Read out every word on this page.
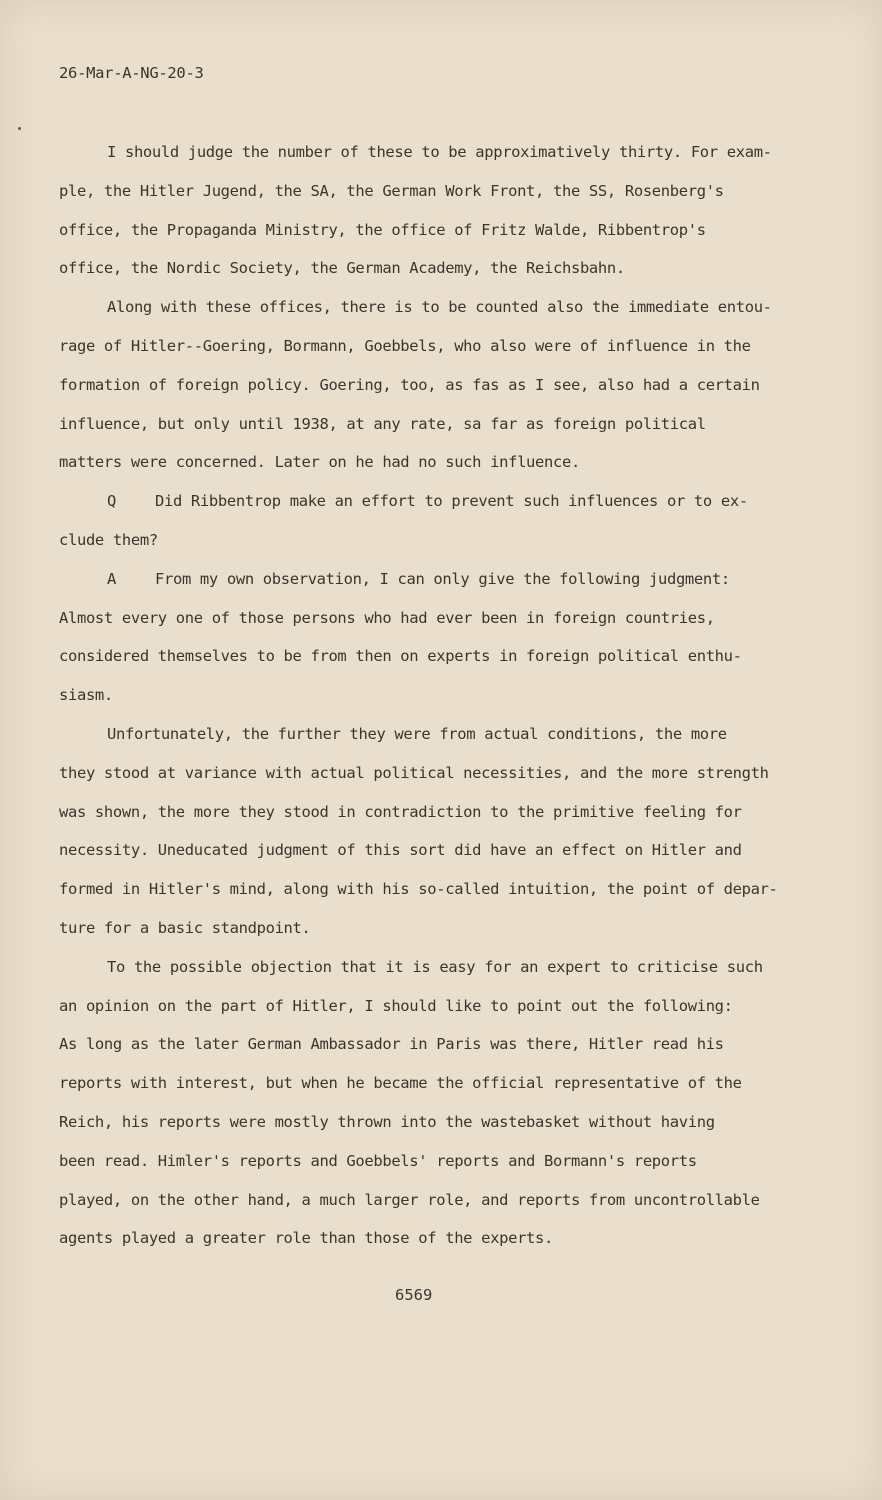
26-Mar-A-NG-20-3
I should judge the number of these to be approximatively thirty. For exam-
ple, the Hitler Jugend, the SA, the German Work Front, the SS, Rosenberg's
office, the Propaganda Ministry, the office of Fritz Walde, Ribbentrop's
office, the Nordic Society, the German Academy, the Reichsbahn.
Along with these offices, there is to be counted also the immediate entou-
rage of Hitler--Goering, Bormann, Goebbels, who also were of influence in the
formation of foreign policy. Goering, too, as fas as I see, also had a certain
influence, but only until 1938, at any rate, sa far as foreign political
matters were concerned. Later on he had no such influence.
Q	Did Ribbentrop make an effort to prevent such influences or to ex-
clude them?
A	From my own observation, I can only give the following judgment:
Almost every one of those persons who had ever been in foreign countries,
considered themselves to be from then on experts in foreign political enthu-
siasm.
Unfortunately, the further they were from actual conditions, the more
they stood at variance with actual political necessities, and the more strength
was shown, the more they stood in contradiction to the primitive feeling for
necessity. Uneducated judgment of this sort did have an effect on Hitler and
formed in Hitler's mind, along with his so-called intuition, the point of depar-
ture for a basic standpoint.
To the possible objection that it is easy for an expert to criticise such
an opinion on the part of Hitler, I should like to point out the following:
As long as the later German Ambassador in Paris was there, Hitler read his
reports with interest, but when he became the official representative of the
Reich, his reports were mostly thrown into the wastebasket without having
been read. Himler's reports and Goebbels' reports and Bormann's reports
played, on the other hand, a much larger role, and reports from uncontrollable
agents played a greater role than those of the experts.
6569
